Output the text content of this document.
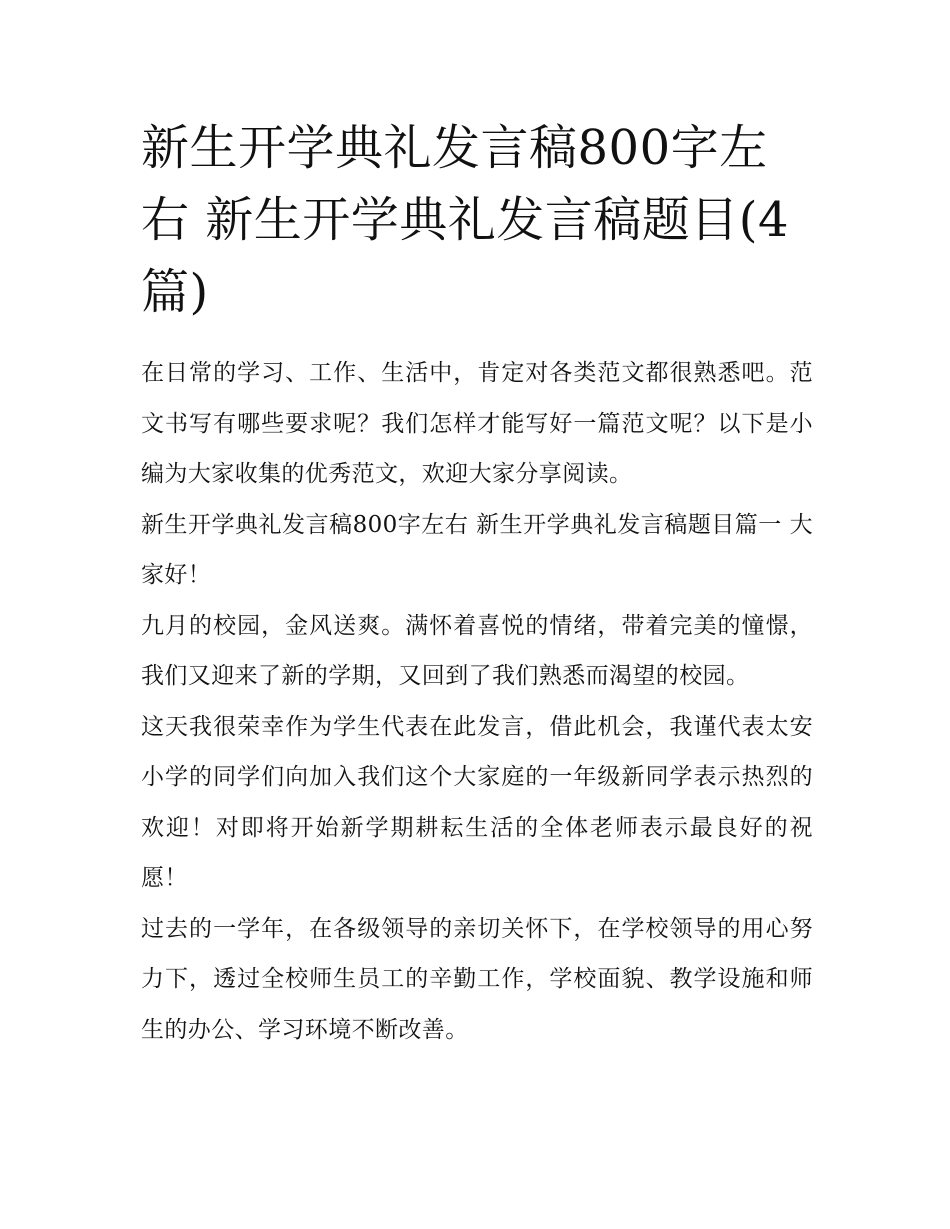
新生开学典礼发言稿800字左右 新生开学典礼发言稿题目(4篇)

在日常的学习、工作、生活中，肯定对各类范文都很熟悉吧。范文书写有哪些要求呢？我们怎样才能写好一篇范文呢？以下是小编为大家收集的优秀范文，欢迎大家分享阅读。

新生开学典礼发言稿800字左右 新生开学典礼发言稿题目篇一 大家好！

九月的校园，金风送爽。满怀着喜悦的情绪，带着完美的憧憬，我们又迎来了新的学期，又回到了我们熟悉而渴望的校园。

这天我很荣幸作为学生代表在此发言，借此机会，我谨代表太安小学的同学们向加入我们这个大家庭的一年级新同学表示热烈的欢迎！对即将开始新学期耕耘生活的全体老师表示最良好的祝愿！

过去的一学年，在各级领导的亲切关怀下，在学校领导的用心努力下，透过全校师生员工的辛勤工作，学校面貌、教学设施和师生的办公、学习环境不断改善。
